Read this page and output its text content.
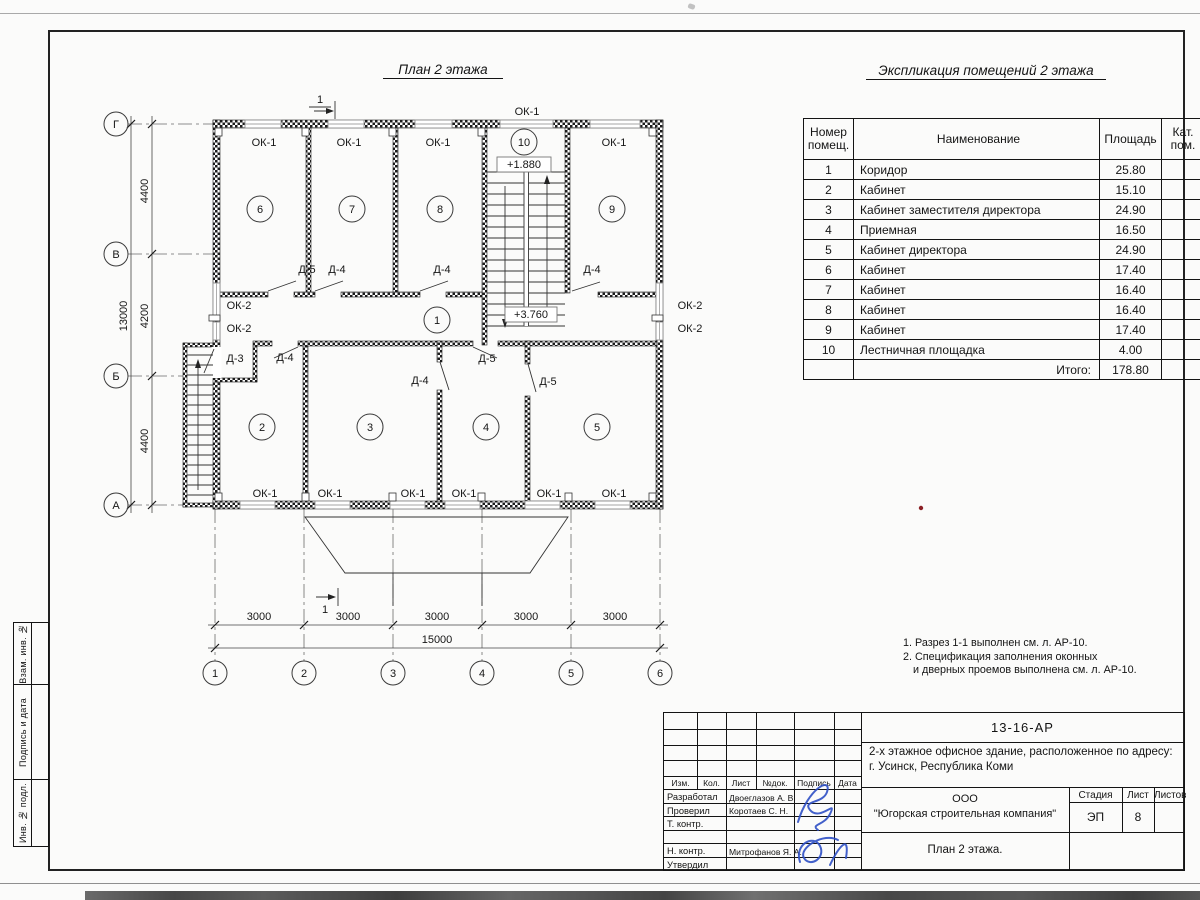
ОК-1	ОК-1	ОК-1
ОК-1
ОК-1
ОК-1	ОК-1	ОК-1 ОК-1	ОК-1	ОК-1
ОК-2
ОК-2
ОК-2
ОК-2
Д-5 Д-4	Д-4	Д-4
Д-3	Д-4
Д-4
Д-5
Д-5
+1.880
+3.760
4400
4200
4400
13000
3000	3000	3000	3000	3000
15000
1
1
Г
В
Б
А
1	2	3	4	5	6
6	7	8
10
9
1
2	3	4	5
План 2 этажа	Экспликация помещений 2 этажа
Номер
помещ.	Наименование	Площадь	Кат.
пом.
1	Коридор	25.80	
2	Кабинет	15.10	
3	Кабинет заместителя директора	24.90	
4	Приемная	16.50	
5	Кабинет директора	24.90	
6	Кабинет	17.40	
7	Кабинет	16.40	
8	Кабинет	16.40	
9	Кабинет	17.40	
10	Лестничная площадка	4.00	
	Итого:	178.80	
1. Разрез 1-1 выполнен см. л. АР-10.
2. Спецификация заполнения оконных
и дверных проемов выполнена см. л. АР-10.
Взам. инв. №
Подпись и дата
Инв. № подл.	Изм.	Кол.	Лист	№док.	Подпись Дата
Разработал Двоеглазов А. В.
Проверил Коротаев С. Н.
Т. контр.
Н. контр.	Митрофанов Я. А.
Утвердил
13-16-АР
2-х этажное офисное здание, расположенное по адресу:
г. Усинск, Республика Коми
ООО
"Югорская строительная компания"
Стадия	Лист Листов
ЭП	8
План 2 этажа.
